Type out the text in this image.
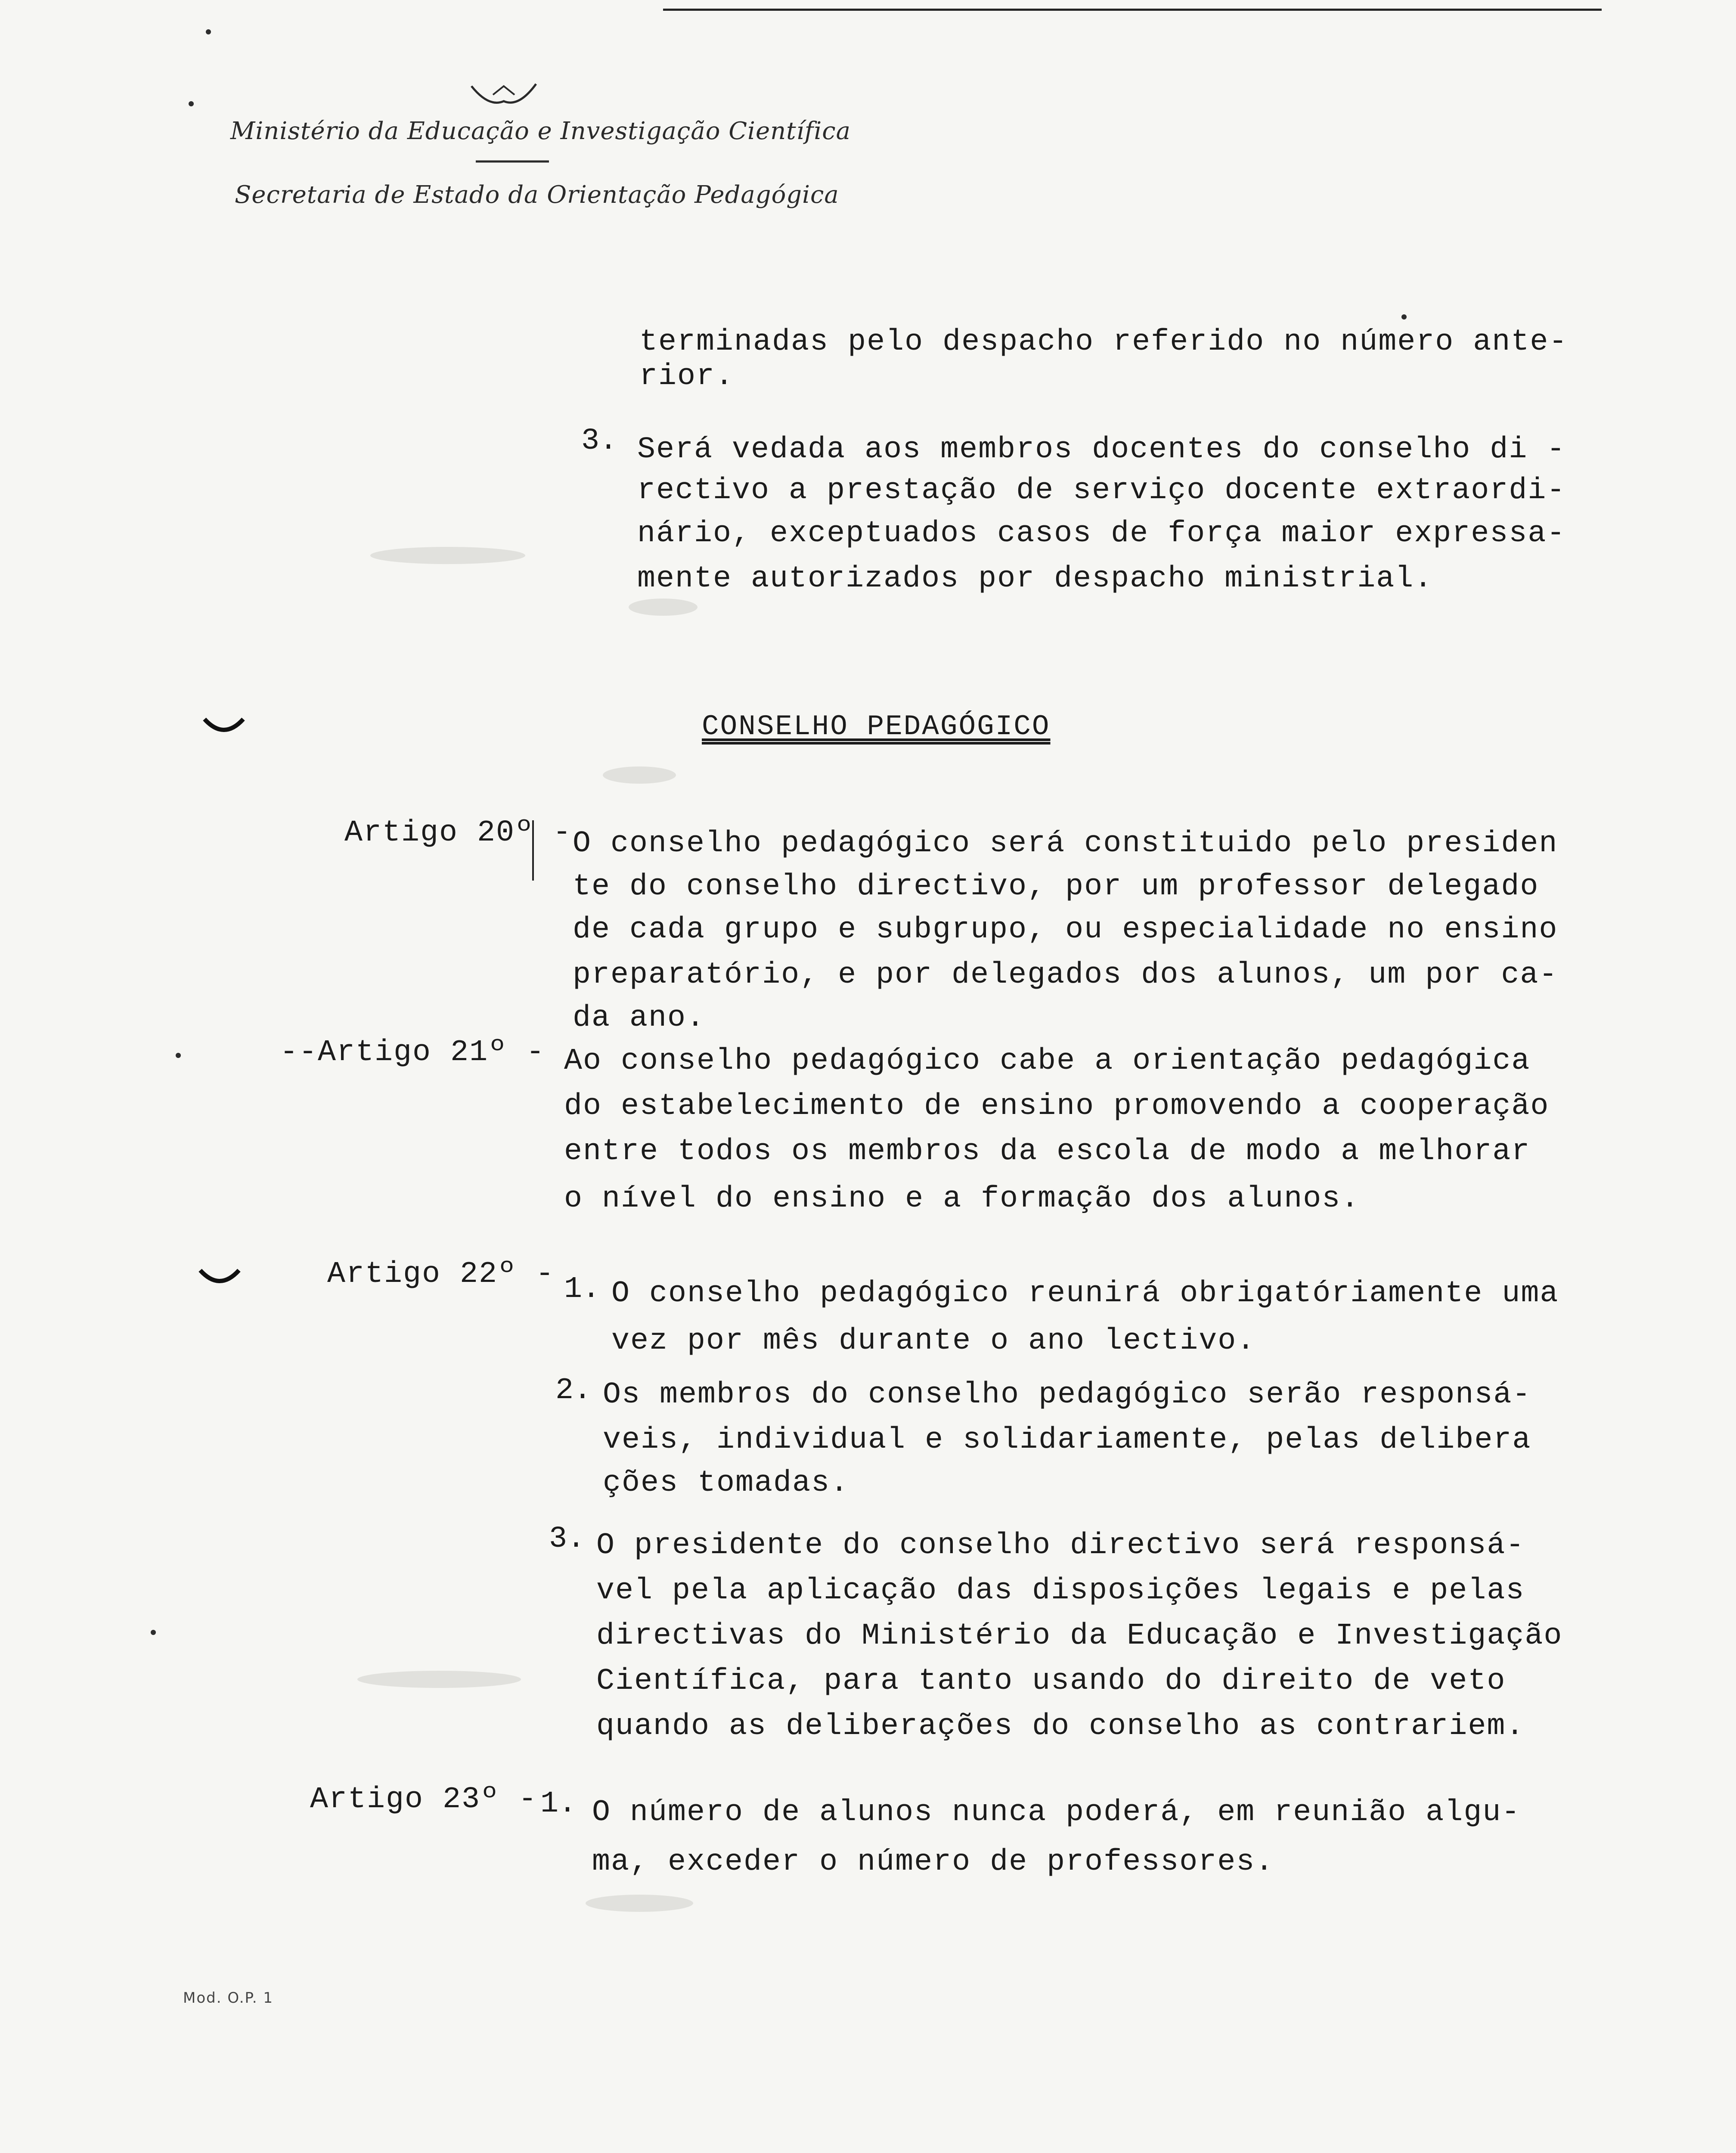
Ministério da Educação e Investigação Científica
Secretaria de Estado da Orientação Pedagógica
terminadas pelo despacho referido no número ante-
rior.
3. Será vedada aos membros docentes do conselho di -
rectivo a prestação de serviço docente extraordi-
nário, exceptuados casos de força maior expressa-
mente autorizados por despacho ministrial.
CONSELHO PEDAGÓGICO
Artigo 20º - O conselho pedagógico será constituido pelo presiden
te do conselho directivo, por um professor delegado
de cada grupo e subgrupo, ou especialidade no ensino
preparatório, e por delegados dos alunos, um por ca-
da ano.
--Artigo 21º - Ao conselho pedagógico cabe a orientação pedagógica
do estabelecimento de ensino promovendo a cooperação
entre todos os membros da escola de modo a melhorar
o nível do ensino e a formação dos alunos.
Artigo 22º - 1. O conselho pedagógico reunirá obrigatóriamente uma
vez por mês durante o ano lectivo.
2. Os membros do conselho pedagógico serão responsá-
veis, individual e solidariamente, pelas delibera
ções tomadas.
3. O presidente do conselho directivo será responsá-
vel pela aplicação das disposições legais e pelas
directivas do Ministério da Educação e Investigação
Científica, para tanto usando do direito de veto
quando as deliberações do conselho as contrariem.
Artigo 23º - 1. O número de alunos nunca poderá, em reunião algu-
ma, exceder o número de professores.
Mod. O.P. 1
